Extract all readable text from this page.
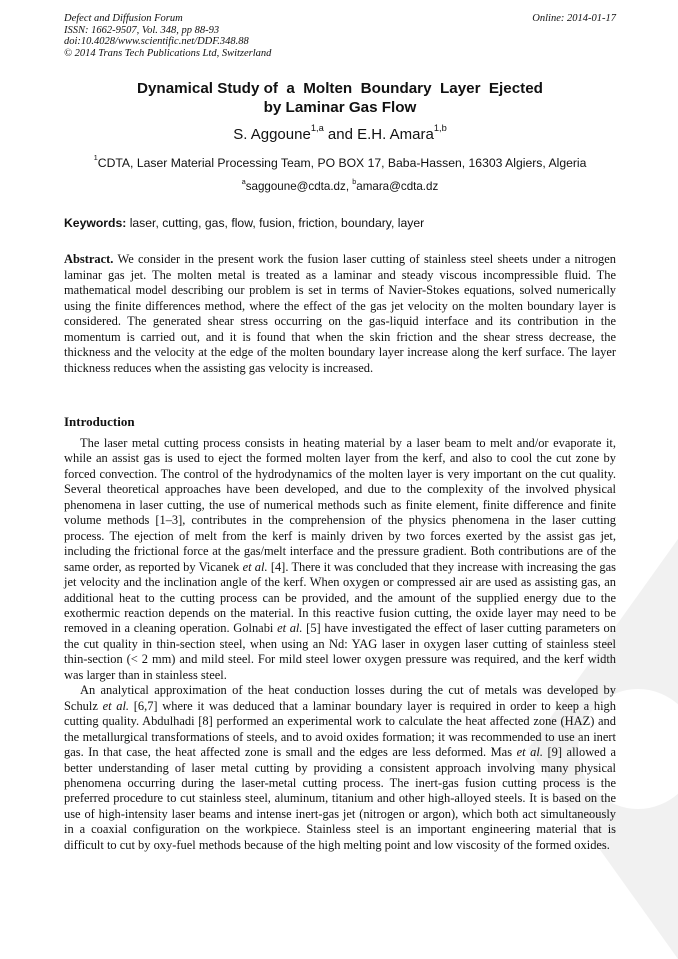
Defect and Diffusion Forum
ISSN: 1662-9507, Vol. 348, pp 88-93
doi:10.4028/www.scientific.net/DDF.348.88
© 2014 Trans Tech Publications Ltd, Switzerland
Online: 2014-01-17
Dynamical Study of  a  Molten  Boundary  Layer  Ejected
by Laminar Gas Flow
S. Aggoune$^{1,a}$ and E.H. Amara$^{1,b}$
$^1$CDTA, Laser Material Processing Team, PO BOX 17, Baba-Hassen, 16303 Algiers, Algeria
$^a$saggoune@cdta.dz, $^b$amara@cdta.dz
Keywords: laser, cutting, gas, flow, fusion, friction, boundary, layer
Abstract. We consider in the present work the fusion laser cutting of stainless steel sheets under a nitrogen laminar gas jet. The molten metal is treated as a laminar and steady viscous incompressible fluid. The mathematical model describing our problem is set in terms of Navier-Stokes equations, solved numerically using the finite differences method, where the effect of the gas jet velocity on the molten boundary layer is considered. The generated shear stress occurring on the gas-liquid interface and its contribution in the momentum is carried out, and it is found that when the skin friction and the shear stress decrease, the thickness and the velocity at the edge of the molten boundary layer increase along the kerf surface. The layer thickness reduces when the assisting gas velocity is increased.
Introduction

The laser metal cutting process consists in heating material by a laser beam to melt and/or evaporate it, while an assist gas is used to eject the formed molten layer from the kerf, and also to cool the cut zone by forced convection. The control of the hydrodynamics of the molten layer is very important on the cut quality. Several theoretical approaches have been developed, and due to the complexity of the involved physical phenomena in laser cutting, the use of numerical methods such as finite element, finite difference and finite volume methods [1–3], contributes in the comprehension of the physics phenomena in the laser cutting process. The ejection of melt from the kerf is mainly driven by two forces exerted by the assist gas jet, including the frictional force at the gas/melt interface and the pressure gradient. Both contributions are of the same order, as reported by Vicanek et al. [4]. There it was concluded that they increase with increasing the gas jet velocity and the inclination angle of the kerf. When oxygen or compressed air are used as assisting gas, an additional heat to the cutting process can be provided, and the amount of the supplied energy due to the exothermic reaction depends on the material. In this reactive fusion cutting, the oxide layer may need to be removed in a cleaning operation. Golnabi et al. [5] have investigated the effect of laser cutting parameters on the cut quality in thin-section steel, when using an Nd: YAG laser in oxygen laser cutting of stainless steel thin-section (< 2 mm) and mild steel. For mild steel lower oxygen pressure was required, and the kerf width was larger than in stainless steel.

An analytical approximation of the heat conduction losses during the cut of metals was developed by Schulz et al. [6,7] where it was deduced that a laminar boundary layer is required in order to keep a high cutting quality. Abdulhadi [8] performed an experimental work to calculate the heat affected zone (HAZ) and the metallurgical transformations of steels, and to avoid oxides formation; it was recommended to use an inert gas. In that case, the heat affected zone is small and the edges are less deformed. Mas et al. [9] allowed a better understanding of laser metal cutting by providing a consistent approach involving many physical phenomena occurring during the laser-metal cutting process. The inert-gas fusion cutting process is the preferred procedure to cut stainless steel, aluminum, titanium and other high-alloyed steels. It is based on the use of high-intensity laser beams and intense inert-gas jet (nitrogen or argon), which both act simultaneously in a coaxial configuration on the workpiece. Stainless steel is an important engineering material that is difficult to cut by oxy-fuel methods because of the high melting point and low viscosity of the formed oxides.
